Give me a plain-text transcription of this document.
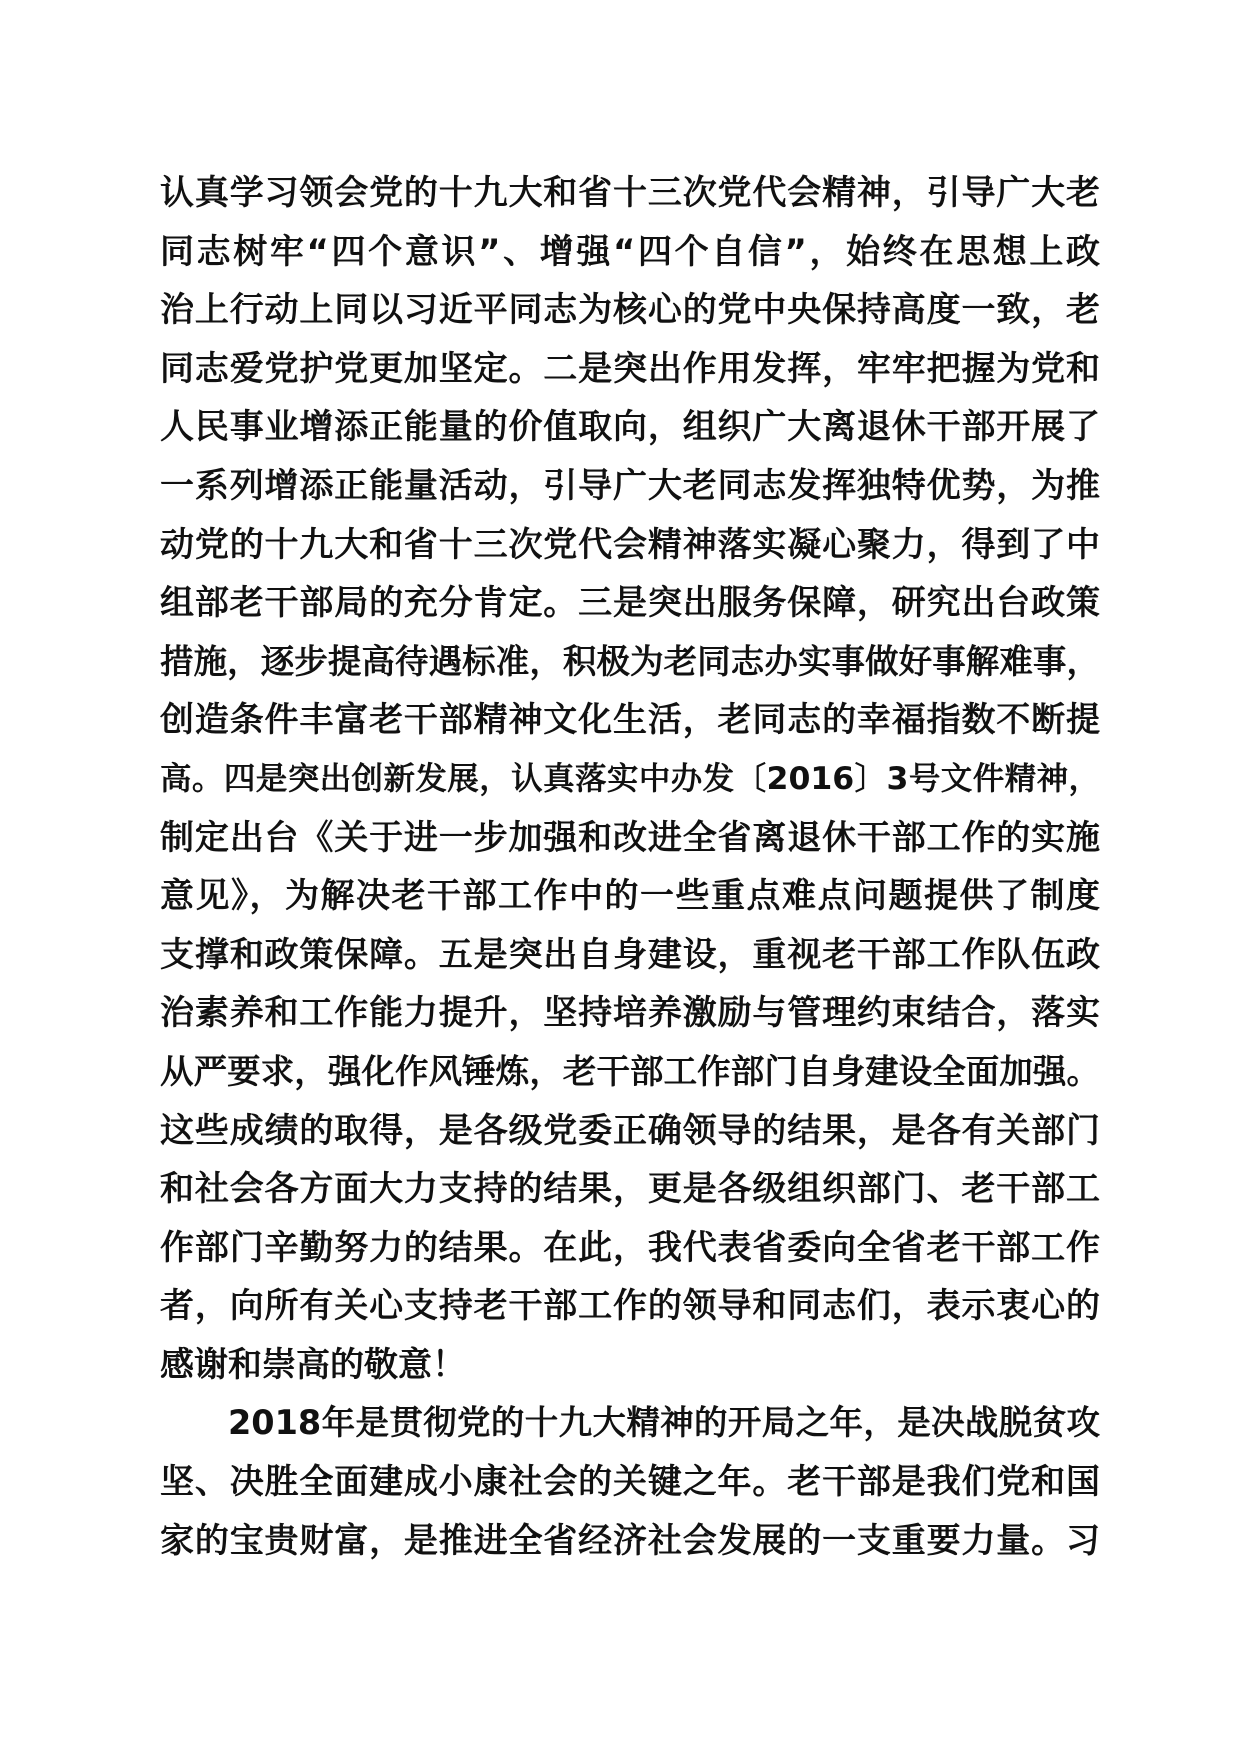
认真学习领会党的十九大和省十三次党代会精神，引导广大老
同志树牢“四个意识”、增强“四个自信”，始终在思想上政
治上行动上同以习近平同志为核心的党中央保持高度一致，老
同志爱党护党更加坚定。二是突出作用发挥，牢牢把握为党和
人民事业增添正能量的价值取向，组织广大离退休干部开展了
一系列增添正能量活动，引导广大老同志发挥独特优势，为推
动党的十九大和省十三次党代会精神落实凝心聚力，得到了中
组部老干部局的充分肯定。三是突出服务保障，研究出台政策
措施，逐步提高待遇标准，积极为老同志办实事做好事解难事，
创造条件丰富老干部精神文化生活，老同志的幸福指数不断提
高。四是突出创新发展，认真落实中办发〔2016〕3号文件精神，
制定出台《关于进一步加强和改进全省离退休干部工作的实施
意见》，为解决老干部工作中的一些重点难点问题提供了制度
支撑和政策保障。五是突出自身建设，重视老干部工作队伍政
治素养和工作能力提升，坚持培养激励与管理约束结合，落实
从严要求，强化作风锤炼，老干部工作部门自身建设全面加强。
这些成绩的取得，是各级党委正确领导的结果，是各有关部门
和社会各方面大力支持的结果，更是各级组织部门、老干部工
作部门辛勤努力的结果。在此，我代表省委向全省老干部工作
者，向所有关心支持老干部工作的领导和同志们，表示衷心的
感谢和崇高的敬意！
2018年是贯彻党的十九大精神的开局之年，是决战脱贫攻
坚、决胜全面建成小康社会的关键之年。老干部是我们党和国
家的宝贵财富，是推进全省经济社会发展的一支重要力量。习
